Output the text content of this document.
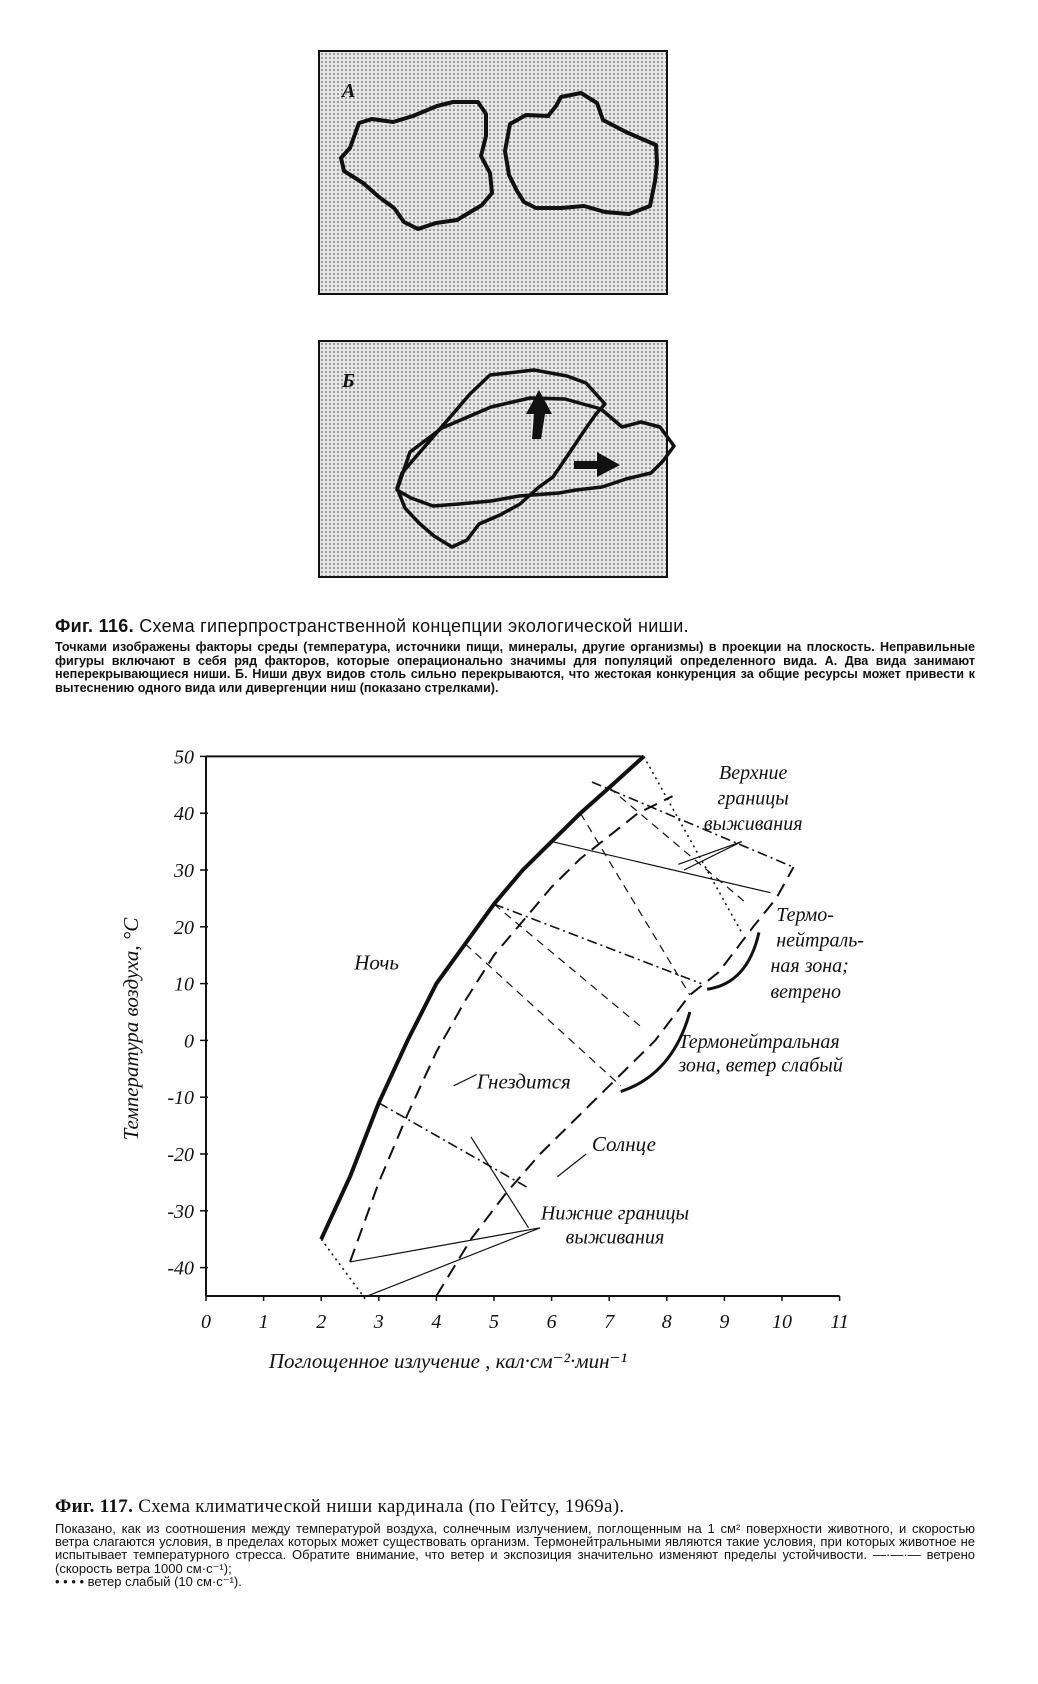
A
Б
Фиг. 116. Схема гиперпространственной концепции экологической ниши.
Точками изображены факторы среды (температура, источники пищи, минералы, другие организмы) в проекции на плоскость. Неправильные фигуры включают в себя ряд факторов, которые операционально значимы для популяций определенного вида. А. Два вида занимают неперекрывающиеся ниши. Б. Ниши двух видов столь сильно перекрываются, что жестокая конкуренция за общие ресурсы может привести к вытеснению одного вида или дивергенции ниш (показано стрелками).
50
40
30
20
10
0
-10
-20
-30
-40
0 1 2 3 4 5 6 7 8 9 10 11
Поглощенное излучение , кал·см⁻²·мин⁻¹
Температура воздуха, °С	Ночь
Гнездится
Солнце
Верхние
границы
выживания
Термо-
нейтраль-
ная зона;
ветрено
Термонейтральная
зона, ветер слабый
Нижние границы
выживания
Фиг. 117. Схема климатической ниши кардинала (по Гейтсу, 1969а).
Показано, как из соотношения между температурой воздуха, солнечным излучением, поглощенным на 1 см² поверхности животного, и скоростью ветра слагаются условия, в пределах которых может существовать организм. Термонейтральными являются такие условия, при которых животное не испытывает температурного стресса. Обратите внимание, что ветер и экспозиция значительно изменяют пределы устойчивости. —·—·— ветрено (скорость ветра 1000 см·с⁻¹);
• • • • ветер слабый (10 см·с⁻¹).
